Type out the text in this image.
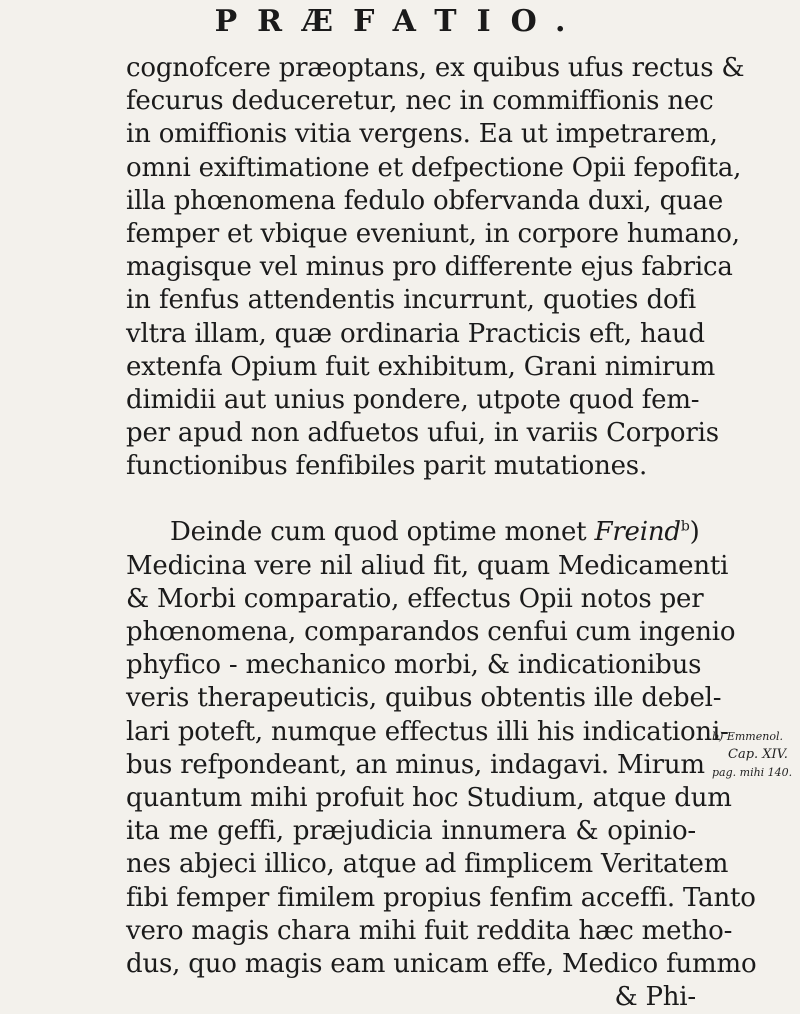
PRÆFATIO.
cognofcere præoptans, ex quibus ufus rectus &
fecurus deduceretur, nec in commiffionis nec
in omiffionis vitia vergens. Ea ut impetrarem,
omni exiftimatione et defpectione Opii fepofita,
illa phœnomena fedulo obfervanda duxi, quae
femper et vbique eveniunt, in corpore humano,
magisque vel minus pro differente ejus fabrica
in fenfus attendentis incurrunt, quoties dofi
vltra illam, quæ ordinaria Practicis eft, haud
extenfa Opium fuit exhibitum, Grani nimirum
dimidii aut unius pondere, utpote quod fem-
per apud non adfuetos ufui, in variis Corporis
functionibus fenfibiles parit mutationes.
Deinde cum quod optime monet Freind$^b$)
Medicina vere nil aliud fit, quam Medicamenti
& Morbi comparatio, effectus Opii notos per
phœnomena, comparandos cenfui cum ingenio
phyfico - mechanico morbi, & indicationibus
veris therapeuticis, quibus obtentis ille debel-
lari poteft, numque effectus illi his indicationi-
bus refpondeant, an minus, indagavi. Mirum
quantum mihi profuit hoc Studium, atque dum
ita me geffi, præjudicia innumera & opinio-
nes abjeci illico, atque ad fimplicem Veritatem
fibi femper fimilem propius fenfim acceffi. Tanto
vero magis chara mihi fuit reddita hæc metho-
dus, quo magis eam unicam effe, Medico fummo
& Phi-
b) Emmenol.
Cap. XIV.
pag. mihi 140.
